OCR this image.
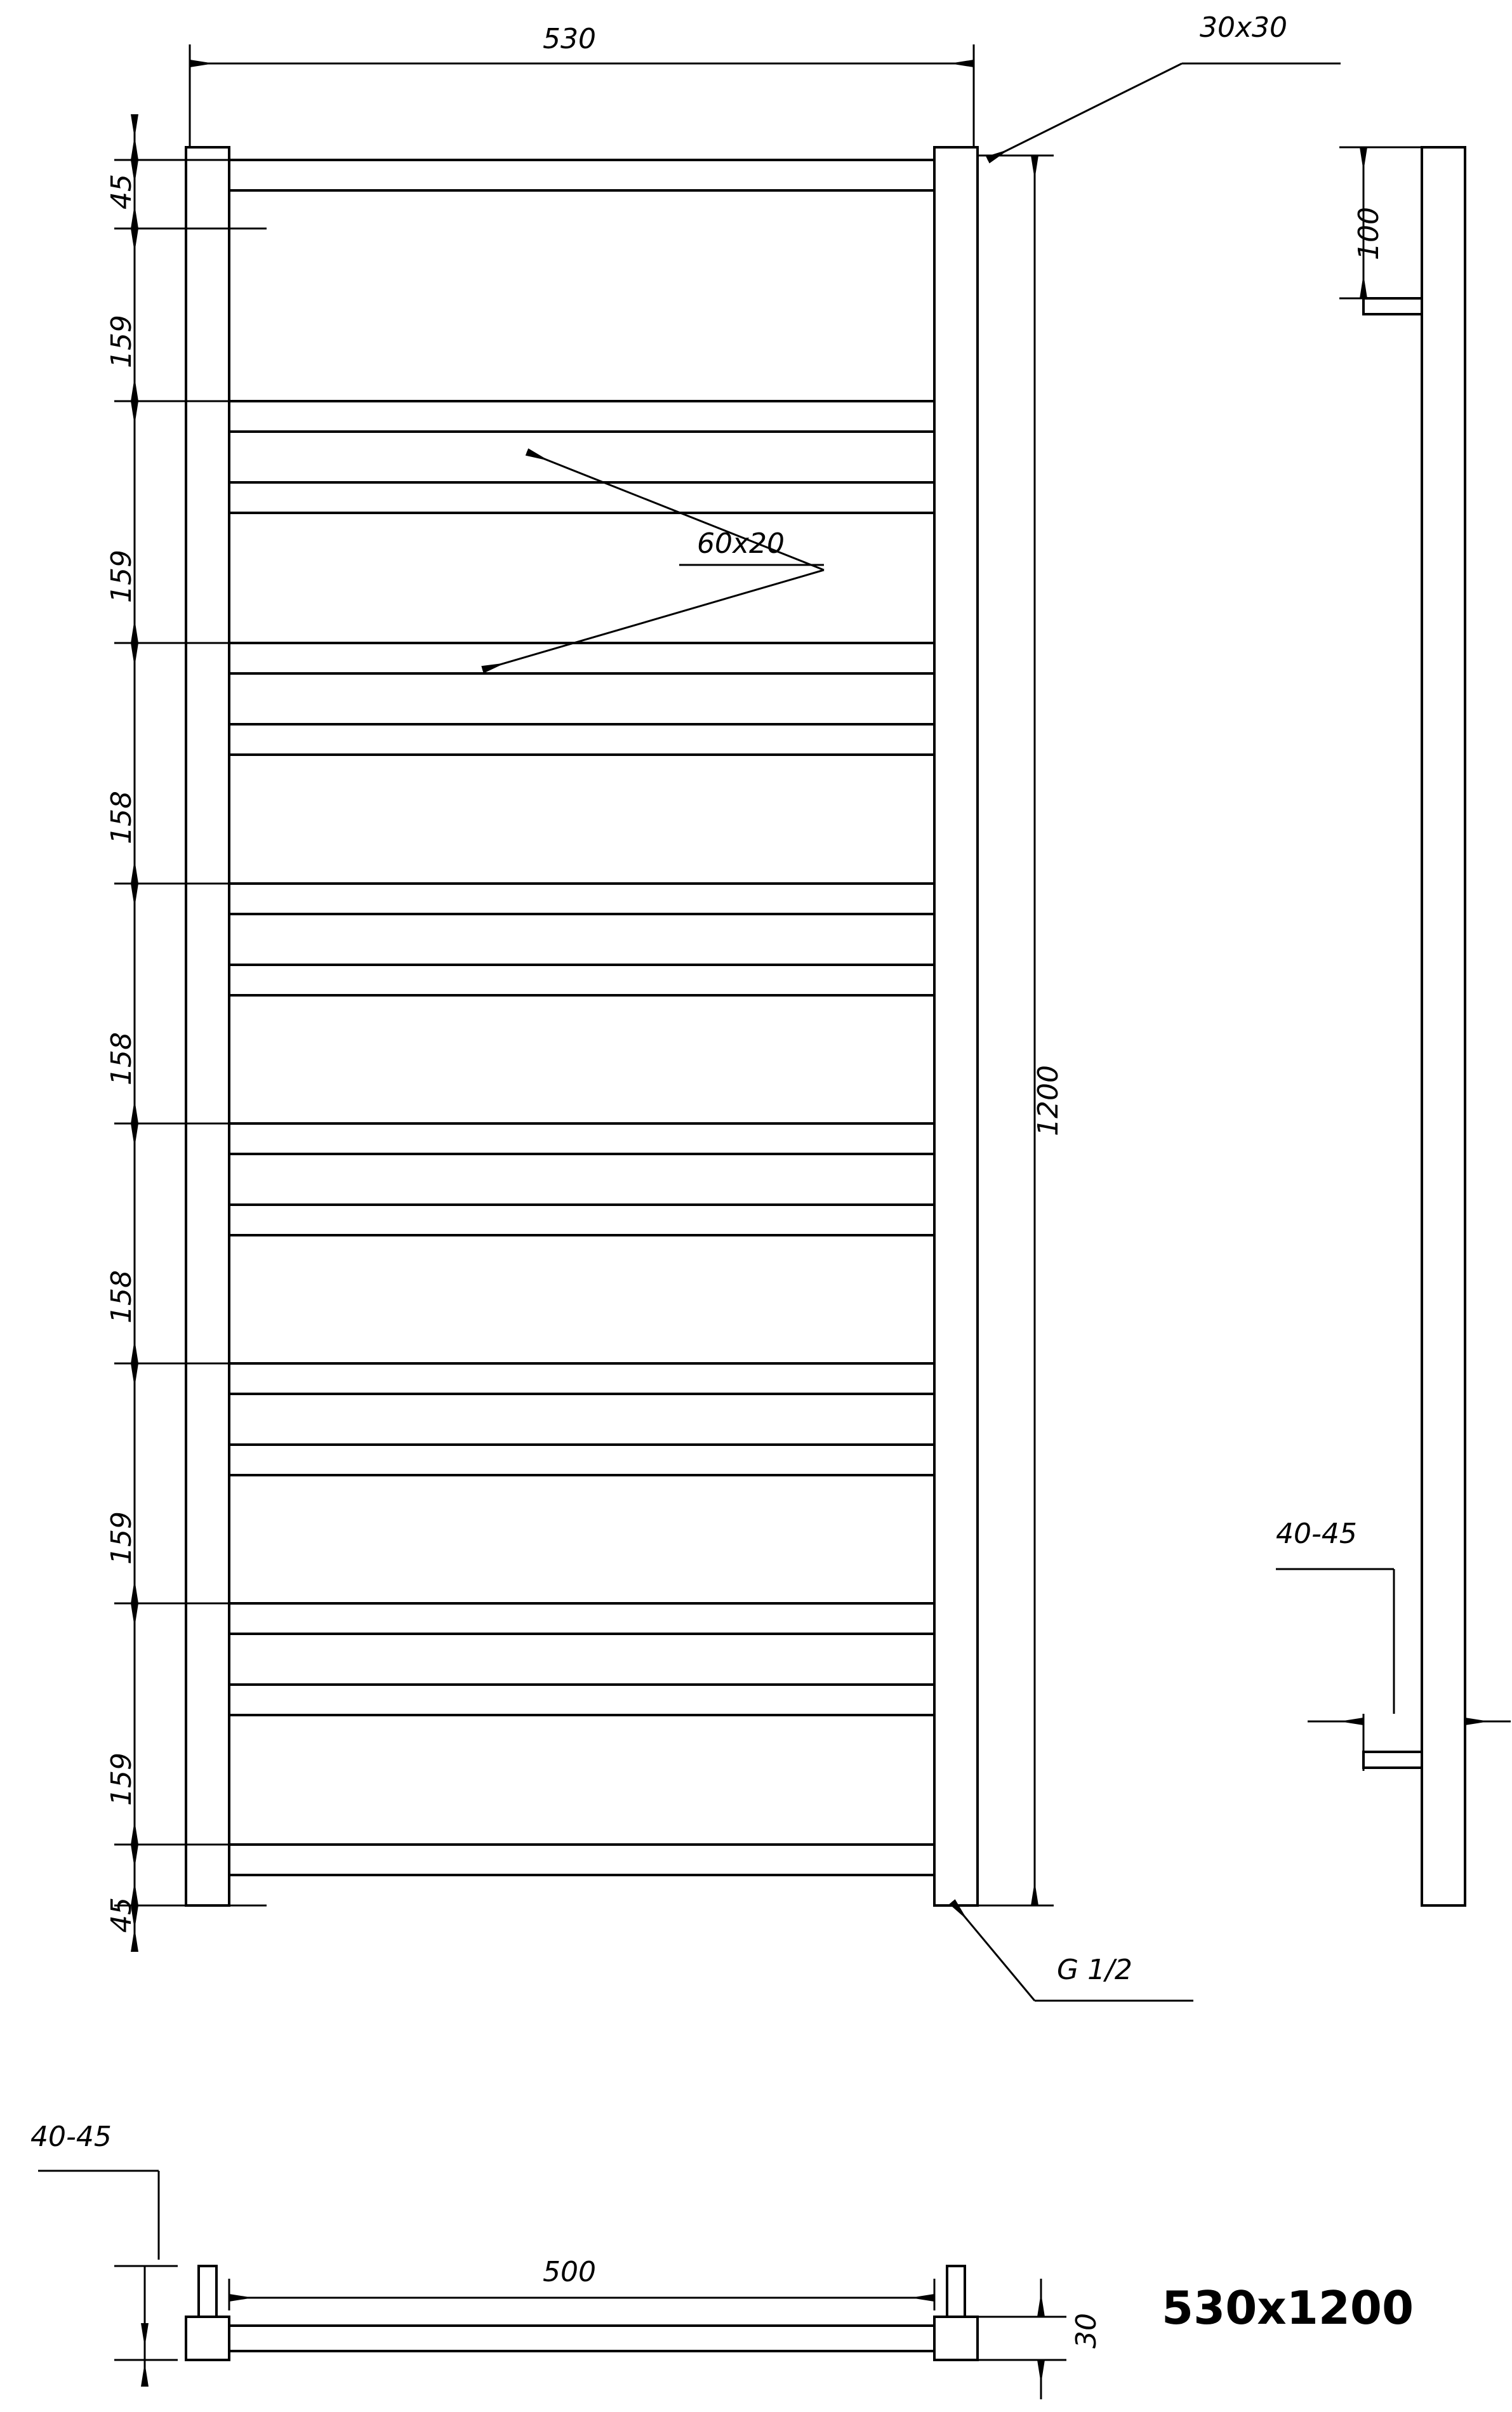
530
1200
30x30
60x20
G 1/2
45
159
159
158
158
158
159
159
45
100
40-45
40-45
500
30 530x1200
